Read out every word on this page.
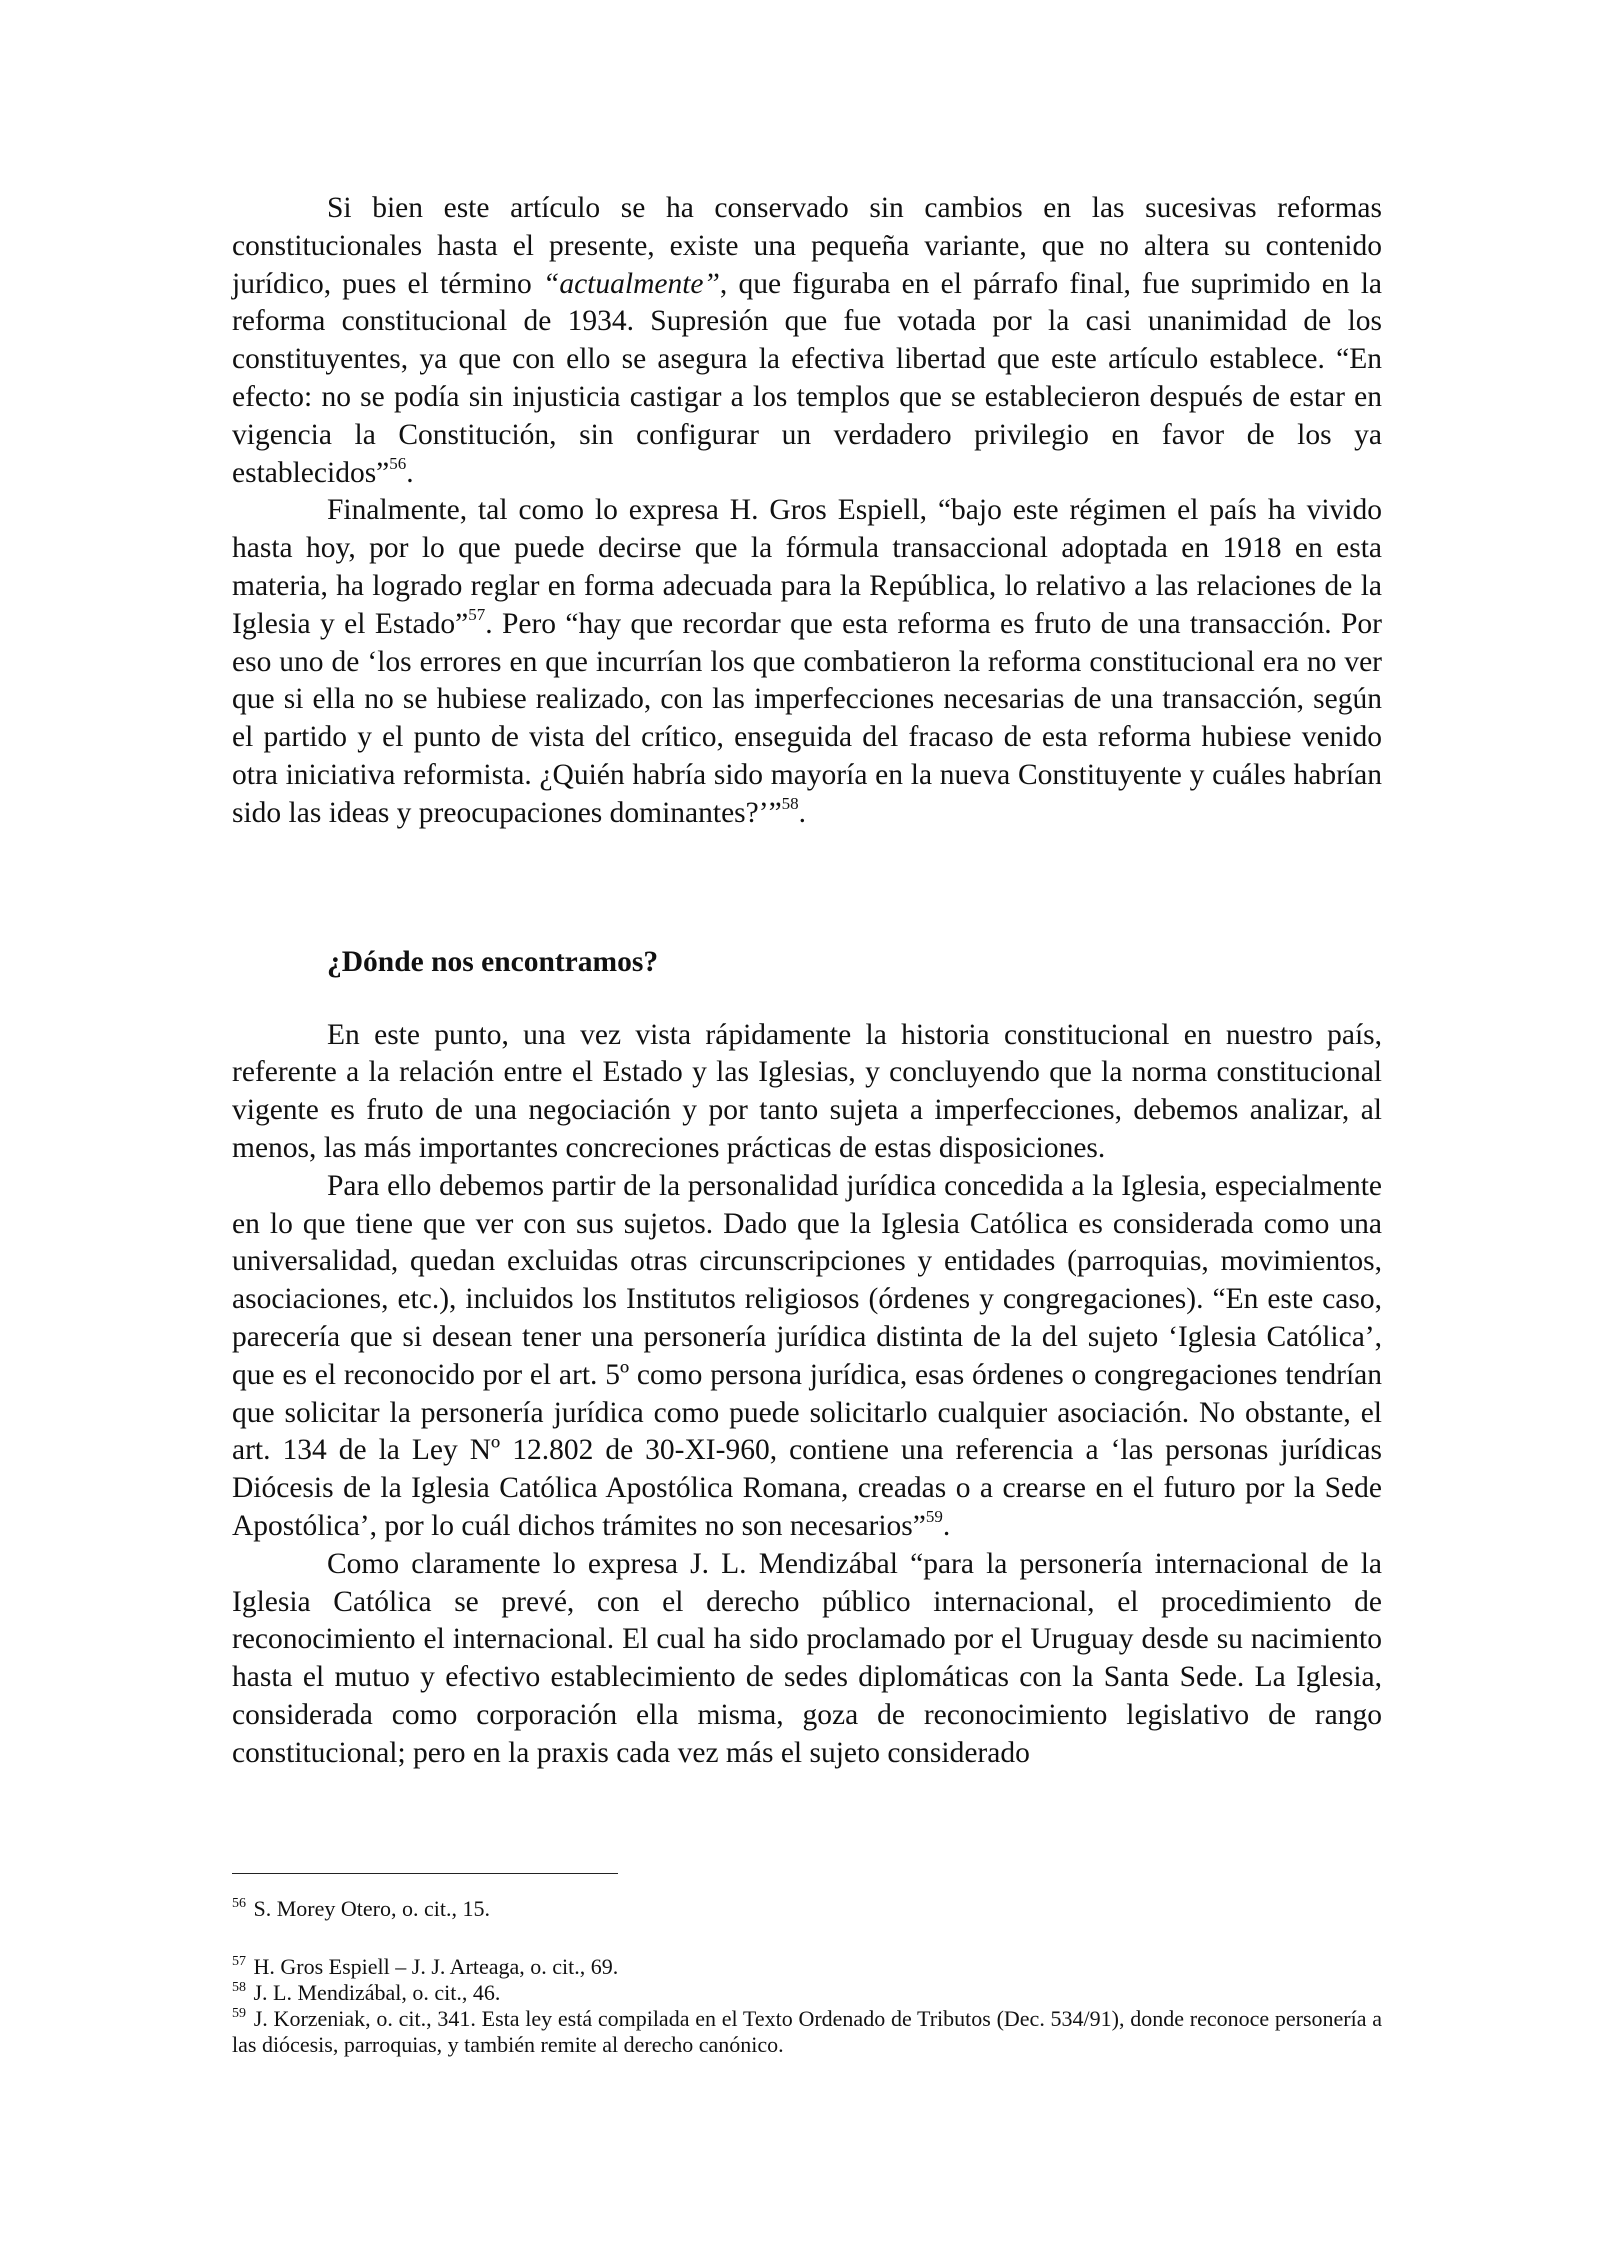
Si bien este artículo se ha conservado sin cambios en las sucesivas reformas constitucionales hasta el presente, existe una pequeña variante, que no altera su contenido jurídico, pues el término “actualmente”, que figuraba en el párrafo final, fue suprimido en la reforma constitucional de 1934. Supresión que fue votada por la casi unanimidad de los constituyentes, ya que con ello se asegura la efectiva libertad que este artículo establece. “En efecto: no se podía sin injusticia castigar a los templos que se establecieron después de estar en vigencia la Constitución, sin configurar un verdadero privilegio en favor de los ya establecidos”$^{56}$.

Finalmente, tal como lo expresa H. Gros Espiell, “bajo este régimen el país ha vivido hasta hoy, por lo que puede decirse que la fórmula transaccional adoptada en 1918 en esta materia, ha logrado reglar en forma adecuada para la República, lo relativo a las relaciones de la Iglesia y el Estado”$^{57}$. Pero “hay que recordar que esta reforma es fruto de una transacción. Por eso uno de ‘los errores en que incurrían los que combatieron la reforma constitucional era no ver que si ella no se hubiese realizado, con las imperfecciones necesarias de una transacción, según el partido y el punto de vista del crítico, enseguida del fracaso de esta reforma hubiese venido otra iniciativa reformista. ¿Quién habría sido mayoría en la nueva Constituyente y cuáles habrían sido las ideas y preocupaciones dominantes?’”$^{58}$.

¿Dónde nos encontramos?

En este punto, una vez vista rápidamente la historia constitucional en nuestro país, referente a la relación entre el Estado y las Iglesias, y concluyendo que la norma constitucional vigente es fruto de una negociación y por tanto sujeta a imperfecciones, debemos analizar, al menos, las más importantes concreciones prácticas de estas disposiciones.

Para ello debemos partir de la personalidad jurídica concedida a la Iglesia, especialmente en lo que tiene que ver con sus sujetos. Dado que la Iglesia Católica es considerada como una universalidad, quedan excluidas otras circunscripciones y entidades (parroquias, movimientos, asociaciones, etc.), incluidos los Institutos religiosos (órdenes y congregaciones). “En este caso, parecería que si desean tener una personería jurídica distinta de la del sujeto ‘Iglesia Católica’, que es el reconocido por el art. 5º como persona jurídica, esas órdenes o congregaciones tendrían que solicitar la personería jurídica como puede solicitarlo cualquier asociación. No obstante, el art. 134 de la Ley Nº 12.802 de 30-XI-960, contiene una referencia a ‘las personas jurídicas Diócesis de la Iglesia Católica Apostólica Romana, creadas o a crearse en el futuro por la Sede Apostólica’, por lo cuál dichos trámites no son necesarios”$^{59}$.

Como claramente lo expresa J. L. Mendizábal “para la personería internacional de la Iglesia Católica se prevé, con el derecho público internacional, el procedimiento de reconocimiento el internacional. El cual ha sido proclamado por el Uruguay desde su nacimiento hasta el mutuo y efectivo establecimiento de sedes diplomáticas con la Santa Sede. La Iglesia, considerada como corporación ella misma, goza de reconocimiento legislativo de rango constitucional; pero en la praxis cada vez más el sujeto considerado

$^{56}$ S. Morey Otero, o. cit., 15.

$^{57}$ H. Gros Espiell – J. J. Arteaga, o. cit., 69.

$^{58}$ J. L. Mendizábal, o. cit., 46.

$^{59}$ J. Korzeniak, o. cit., 341. Esta ley está compilada en el Texto Ordenado de Tributos (Dec. 534/91), donde reconoce personería a las diócesis, parroquias, y también remite al derecho canónico.
